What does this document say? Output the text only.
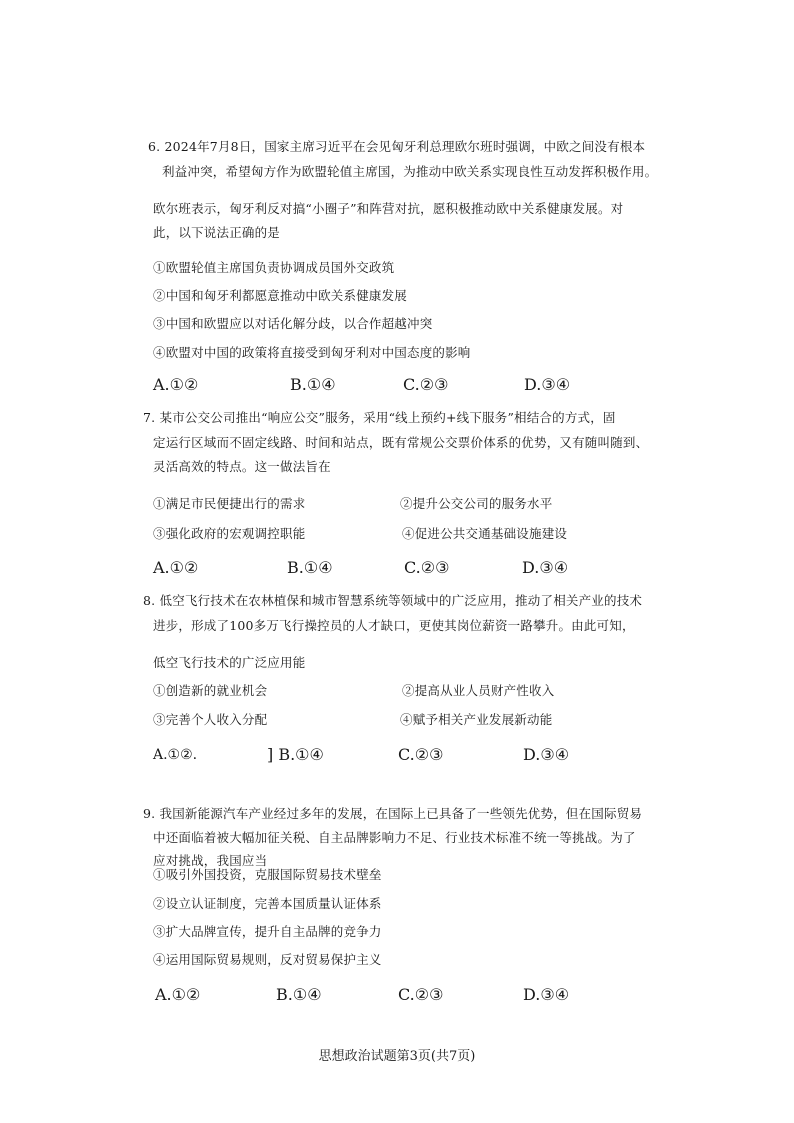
6. 2024年7月8日，国家主席习近平在会见匈牙利总理欧尔班时强调，中欧之间没有根本
利益冲突，希望匈方作为欧盟轮值主席国，为推动中欧关系实现良性互动发挥积极作用。
欧尔班表示，匈牙利反对搞“小圈子”和阵营对抗，愿积极推动欧中关系健康发展。对
此，以下说法正确的是
①欧盟轮值主席国负责协调成员国外交政筑
②中国和匈牙利都愿意推动中欧关系健康发展
③中国和欧盟应以对话化解分歧，以合作超越冲突
④欧盟对中国的政策将直接受到匈牙利对中国态度的影响
A.①②	B.①④	C.②③	D.③④
7. 某市公交公司推出“响应公交”服务，采用“线上预约+线下服务”相结合的方式，固
定运行区域而不固定线路、时间和站点，既有常规公交票价体系的优势，又有随叫随到、
灵活高效的特点。这一做法旨在
①满足市民便捷出行的需求	②提升公交公司的服务水平
③强化政府的宏观调控职能	④促进公共交通基础设施建设
A.①②	B.①④	C.②③	D.③④
8. 低空飞行技术在农林植保和城市智慧系统等领域中的广泛应用，推动了相关产业的技术
进步，形成了100多万飞行操控员的人才缺口，更使其岗位薪资一路攀升。由此可知，
低空飞行技术的广泛应用能
①创造新的就业机会	②提高从业人员财产性收入
③完善个人收入分配	④赋予相关产业发展新动能
A.①②.	] B.①④	C.②③	D.③④
9. 我国新能源汽车产业经过多年的发展，在国际上已具备了一些领先优势，但在国际贸易
中还面临着被大幅加征关税、自主品牌影响力不足、行业技术标准不统一等挑战。为了
应对挑战，我国应当
①吸引外国投资，克服国际贸易技术壁垒
②设立认证制度，完善本国质量认证体系
③扩大品牌宣传，提升自主品牌的竞争力
④运用国际贸易规则，反对贸易保护主义
A.①②	B.①④	C.②③	D.③④
思想政治试题第3页(共7页)
